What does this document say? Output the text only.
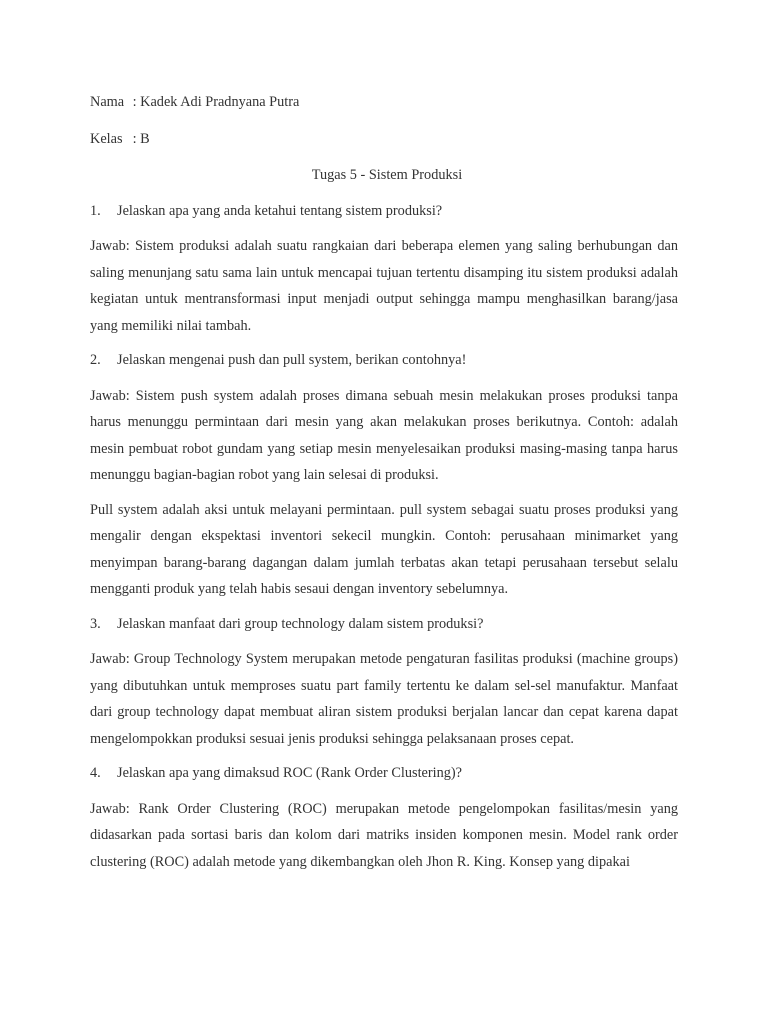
Nama : Kadek Adi Pradnyana Putra
Kelas : B
Tugas 5 - Sistem Produksi
1. Jelaskan apa yang anda ketahui tentang sistem produksi?

Jawab: Sistem produksi adalah suatu rangkaian dari beberapa elemen yang saling berhubungan dan saling menunjang satu sama lain untuk mencapai tujuan tertentu disamping itu sistem produksi adalah kegiatan untuk mentransformasi input menjadi output sehingga mampu menghasilkan barang/jasa yang memiliki nilai tambah.

2. Jelaskan mengenai push dan pull system, berikan contohnya!

Jawab: Sistem push system adalah proses dimana sebuah mesin melakukan proses produksi tanpa harus menunggu permintaan dari mesin yang akan melakukan proses berikutnya. Contoh: adalah mesin pembuat robot gundam yang setiap mesin menyelesaikan produksi masing-masing tanpa harus menunggu bagian-bagian robot yang lain selesai di produksi.

Pull system adalah aksi untuk melayani permintaan. pull system sebagai suatu proses produksi yang mengalir dengan ekspektasi inventori sekecil mungkin. Contoh: perusahaan minimarket yang menyimpan barang-barang dagangan dalam jumlah terbatas akan tetapi perusahaan tersebut selalu mengganti produk yang telah habis sesaui dengan inventory sebelumnya.

3. Jelaskan manfaat dari group technology dalam sistem produksi?

Jawab: Group Technology System merupakan metode pengaturan fasilitas produksi (machine groups) yang dibutuhkan untuk memproses suatu part family tertentu ke dalam sel-sel manufaktur. Manfaat dari group technology dapat membuat aliran sistem produksi berjalan lancar dan cepat karena dapat mengelompokkan produksi sesuai jenis produksi sehingga pelaksanaan proses cepat.

4. Jelaskan apa yang dimaksud ROC (Rank Order Clustering)?

Jawab: Rank Order Clustering (ROC) merupakan metode pengelompokan fasilitas/mesin yang didasarkan pada sortasi baris dan kolom dari matriks insiden komponen mesin. Model rank order clustering (ROC) adalah metode yang dikembangkan oleh Jhon R. King. Konsep yang dipakai
